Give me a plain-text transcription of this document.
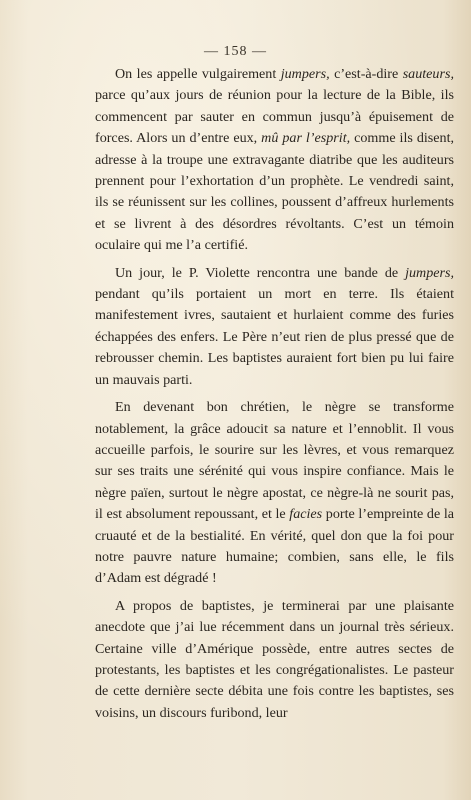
— 158 —

On les appelle vulgairement jumpers, c’est-à-dire sauteurs, parce qu’aux jours de réunion pour la lecture de la Bible, ils commencent par sauter en commun jusqu’à épuisement de forces. Alors un d’entre eux, mû par l’esprit, comme ils disent, adresse à la troupe une extravagante diatribe que les auditeurs prennent pour l’exhortation d’un prophète. Le vendredi saint, ils se réunissent sur les collines, poussent d’affreux hurlements et se livrent à des désordres révoltants. C’est un témoin oculaire qui me l’a certifié.

Un jour, le P. Violette rencontra une bande de jumpers, pendant qu’ils portaient un mort en terre. Ils étaient manifestement ivres, sautaient et hurlaient comme des furies échappées des enfers. Le Père n’eut rien de plus pressé que de rebrousser chemin. Les baptistes auraient fort bien pu lui faire un mauvais parti.

En devenant bon chrétien, le nègre se transforme notablement, la grâce adoucit sa nature et l’ennoblit. Il vous accueille parfois, le sourire sur les lèvres, et vous remarquez sur ses traits une sérénité qui vous inspire confiance. Mais le nègre païen, surtout le nègre apostat, ce nègre-là ne sourit pas, il est absolument repoussant, et le facies porte l’empreinte de la cruauté et de la bestialité. En vérité, quel don que la foi pour notre pauvre nature humaine; combien, sans elle, le fils d’Adam est dégradé !

A propos de baptistes, je terminerai par une plaisante anecdote que j’ai lue récemment dans un journal très sérieux. Certaine ville d’Amérique possède, entre autres sectes de protestants, les baptistes et les congrégationalistes. Le pasteur de cette dernière secte débita une fois contre les baptistes, ses voisins, un discours furibond, leur
